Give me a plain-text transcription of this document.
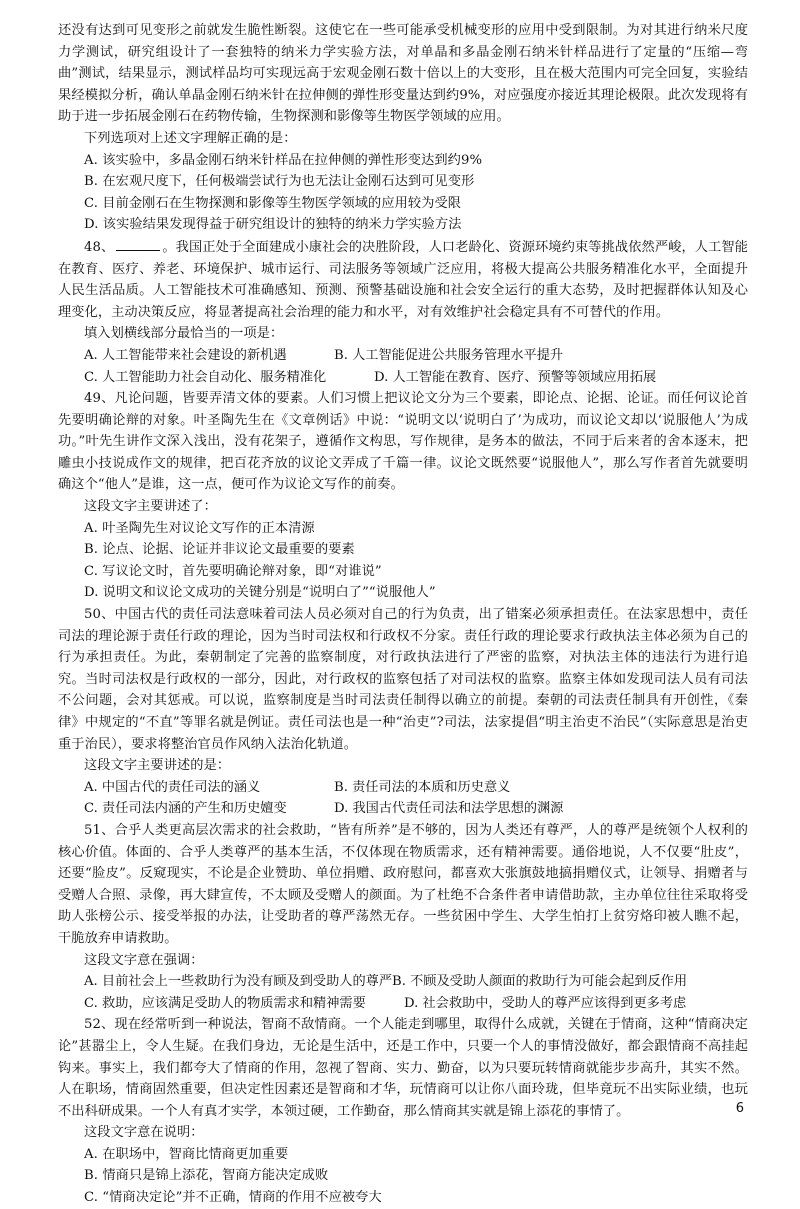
还没有达到可见变形之前就发生脆性断裂。这使它在一些可能承受机械变形的应用中受到限制。为对其进行纳米尺度力学测试，研究组设计了一套独特的纳米力学实验方法，对单晶和多晶金刚石纳米针样品进行了定量的“压缩—弯曲”测试，结果显示，测试样品均可实现远高于宏观金刚石数十倍以上的大变形，且在极大范围内可完全回复，实验结果经模拟分析，确认单晶金刚石纳米针在拉伸侧的弹性形变量达到约9%，对应强度亦接近其理论极限。此次发现将有助于进一步拓展金刚石在药物传输，生物探测和影像等生物医学领域的应用。

下列选项对上述文字理解正确的是：

A. 该实验中，多晶金刚石纳米针样品在拉伸侧的弹性形变达到约9%

B. 在宏观尺度下，任何极端尝试行为也无法让金刚石达到可见变形

C. 目前金刚石在生物探测和影像等生物医学领域的应用较为受限

D. 该实验结果发现得益于研究组设计的独特的纳米力学实验方法

48、	。我国正处于全面建成小康社会的决胜阶段，人口老龄化、资源环境约束等挑战依然严峻，人工智能在教育、医疗、养老、环境保护、城市运行、司法服务等领域广泛应用，将极大提高公共服务精准化水平，全面提升人民生活品质。人工智能技术可准确感知、预测、预警基础设施和社会安全运行的重大态势，及时把握群体认知及心理变化，主动决策反应，将显著提高社会治理的能力和水平，对有效维护社会稳定具有不可替代的作用。

填入划横线部分最恰当的一项是：

A. 人工智能带来社会建设的新机遇	B. 人工智能促进公共服务管理水平提升
C. 人工智能助力社会自动化、服务精准化	D. 人工智能在教育、医疗、预警等领域应用拓展

49、凡论问题，皆要弄清文体的要素。人们习惯上把议论文分为三个要素，即论点、论据、论证。而任何议论首先要明确论辩的对象。叶圣陶先生在《文章例话》中说：“说明文以‘说明白了’为成功，而议论文却以‘说服他人’为成功。”叶先生讲作文深入浅出，没有花架子，遵循作文构思，写作规律，是务本的做法，不同于后来者的舍本逐末，把雕虫小技说成作文的规律，把百花齐放的议论文弄成了千篇一律。议论文既然要“说服他人”，那么写作者首先就要明确这个“他人”是谁，这一点，便可作为议论文写作的前奏。

这段文字主要讲述了：

A. 叶圣陶先生对议论文写作的正本清源

B. 论点、论据、论证并非议论文最重要的要素

C. 写议论文时，首先要明确论辩对象，即“对谁说”

D. 说明文和议论文成功的关键分别是“说明白了”“说服他人”

50、中国古代的责任司法意味着司法人员必须对自己的行为负责，出了错案必须承担责任。在法家思想中，责任司法的理论源于责任行政的理论，因为当时司法权和行政权不分家。责任行政的理论要求行政执法主体必须为自己的行为承担责任。为此，秦朝制定了完善的监察制度，对行政执法进行了严密的监察，对执法主体的违法行为进行追究。当时司法权是行政权的一部分，因此，对行政权的监察包括了对司法权的监察。监察主体如发现司法人员有司法不公问题，会对其惩戒。可以说，监察制度是当时司法责任制得以确立的前提。秦朝的司法责任制具有开创性，《秦律》中规定的“不直”等罪名就是例证。责任司法也是一种“治吏”?司法，法家提倡“明主治吏不治民”（实际意思是治吏重于治民），要求将整治官员作风纳入法治化轨道。

这段文字主要讲述的是：

A. 中国古代的责任司法的涵义	B. 责任司法的本质和历史意义
C. 责任司法内涵的产生和历史嬗变	D. 我国古代责任司法和法学思想的渊源

51、合乎人类更高层次需求的社会救助，“皆有所养”是不够的，因为人类还有尊严，人的尊严是统领个人权利的核心价值。体面的、合乎人类尊严的基本生活，不仅体现在物质需求，还有精神需要。通俗地说，人不仅要“肚皮”，还要“脸皮”。反窥现实，不论是企业赞助、单位捐赠、政府慰问，都喜欢大张旗鼓地搞捐赠仪式，让领导、捐赠者与受赠人合照、录像，再大肆宣传，不太顾及受赠人的颜面。为了杜绝不合条件者申请借助款，主办单位往往采取将受助人张榜公示、接受举报的办法，让受助者的尊严荡然无存。一些贫困中学生、大学生怕打上贫穷烙印被人瞧不起，干脆放弃申请救助。

这段文字意在强调：

A. 目前社会上一些救助行为没有顾及到受助人的尊严 B. 不顾及受助人颜面的救助行为可能会起到反作用
C. 救助，应该满足受助人的物质需求和精神需要	D. 社会救助中，受助人的尊严应该得到更多考虑

52、现在经常听到一种说法，智商不敌情商。一个人能走到哪里，取得什么成就，关键在于情商，这种“情商决定论”甚嚣尘上，令人生疑。在我们身边，无论是生活中，还是工作中，只要一个人的事情没做好，都会跟情商不高挂起钩来。事实上，我们都夸大了情商的作用，忽视了智商、实力、勤奋，以为只要玩转情商就能步步高升，其实不然。人在职场，情商固然重要，但决定性因素还是智商和才华，玩情商可以让你八面玲珑，但毕竟玩不出实际业绩，也玩不出科研成果。一个人有真才实学，本领过硬，工作勤奋，那么情商其实就是锦上添花的事情了。

这段文字意在说明：

A. 在职场中，智商比情商更加重要

B. 情商只是锦上添花，智商方能决定成败

C. “情商决定论”并不正确，情商的作用不应被夸大

6
